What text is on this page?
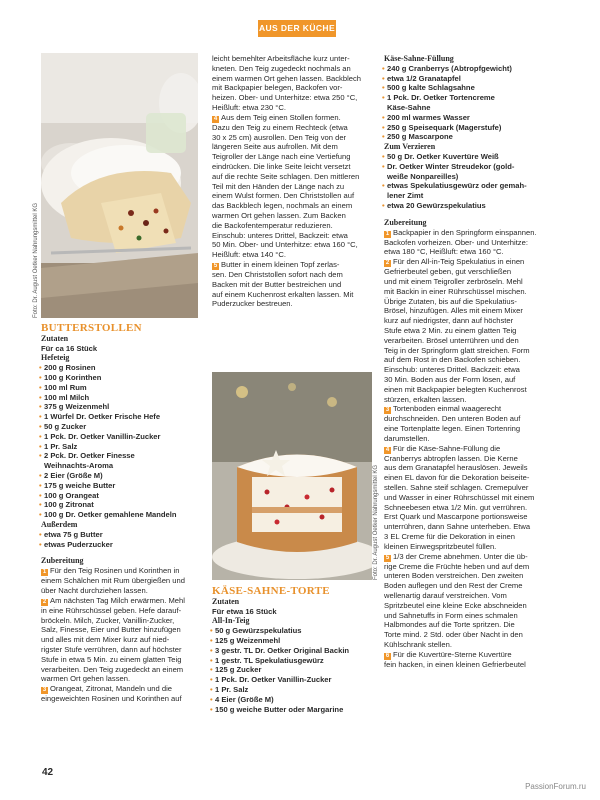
AUS DER KÜCHE
Foto: Dr. August Oetker Nahrungsmittel KG
Foto: Dr. August Oetker Nahrungsmittel KG

BUTTERSTOLLEN

Zutaten

Für ca 16 Stück

Hefeteig

• 200 g Rosinen

• 100 g Korinthen

• 100 ml Rum

• 100 ml Milch

• 375 g Weizenmehl

• 1 Würfel Dr. Oetker Frische Hefe

• 50 g Zucker

• 1 Pck. Dr. Oetker Vanillin-Zucker

• 1 Pr. Salz

• 2 Pck. Dr. Oetker Finesse

Weihnachts-Aroma

• 2 Eier (Größe M)

• 175 g weiche Butter

• 100 g Orangeat

• 100 g Zitronat

• 100 g Dr. Oetker gemahlene Mandeln

Außerdem

• etwa 75 g Butter

• etwas Puderzucker

Zubereitung

1 Für den Teig Rosinen und Korinthen in

einem Schälchen mit Rum übergießen und

über Nacht durchziehen lassen.

2 Am nächsten Tag Milch erwärmen. Mehl

in eine Rührschüssel geben. Hefe darauf-

bröckeln. Milch, Zucker, Vanillin-Zucker,

Salz, Finesse, Eier und Butter hinzufügen

und alles mit dem Mixer kurz auf nied-

rigster Stufe verrühren, dann auf höchster

Stufe in etwa 5 Min. zu einem glatten Teig

verarbeiten. Den Teig zugedeckt an einem

warmen Ort gehen lassen.

3 Orangeat, Zitronat, Mandeln und die

eingeweichten Rosinen und Korinthen auf

leicht bemehlter Arbeitsfläche kurz unter-

kneten. Den Teig zugedeckt nochmals an

einem warmen Ort gehen lassen. Backblech

mit Backpapier belegen, Backofen vor-

heizen. Ober- und Unterhitze: etwa 250 °C,

Heißluft: etwa 230 °C.

4 Aus dem Teig einen Stollen formen.

Dazu den Teig zu einem Rechteck (etwa

30 x 25 cm) ausrollen. Den Teig von der

längeren Seite aus aufrollen. Mit dem

Teigroller der Länge nach eine Vertiefung

eindrücken. Die linke Seite leicht versetzt

auf die rechte Seite schlagen. Den mittleren

Teil mit den Händen der Länge nach zu

einem Wulst formen. Den Christstollen auf

das Backblech legen, nochmals an einem

warmen Ort gehen lassen. Zum Backen

die Backofentemperatur reduzieren.

Einschub: unteres Drittel, Backzeit: etwa

50 Min. Ober- und Unterhitze: etwa 160 °C,

Heißluft: etwa 140 °C.

5 Butter in einem kleinen Topf zerlas-

sen. Den Christstollen sofort nach dem

Backen mit der Butter bestreichen und

auf einem Kuchenrost erkalten lassen. Mit

Puderzucker bestreuen.

KÄSE-SAHNE-TORTE

Zutaten

Für etwa 16 Stück

All-In-Teig

• 50 g Gewürzspekulatius

• 125 g Weizenmehl

• 3 gestr. TL Dr. Oetker Original Backin

• 1 gestr. TL Spekulatiusgewürz

• 125 g Zucker

• 1 Pck. Dr. Oetker Vanillin-Zucker

• 1 Pr. Salz

• 4 Eier (Größe M)

• 150 g weiche Butter oder Margarine

Käse-Sahne-Füllung

• 240 g Cranberrys (Abtropfgewicht)

• etwa 1/2 Granatapfel

• 500 g kalte Schlagsahne

• 1 Pck. Dr. Oetker Tortencreme

Käse-Sahne

• 200 ml warmes Wasser

• 250 g Speisequark (Magerstufe)

• 250 g Mascarpone

Zum Verzieren

• 50 g Dr. Oetker Kuvertüre Weiß

• Dr. Oetker Winter Streudekor (gold-

weiße Nonpareilles)

• etwas Spekulatiusgewürz oder gemah-

lener Zimt

• etwa 20 Gewürzspekulatius

Zubereitung

1 Backpapier in den Springform einspannen.

Backofen vorheizen. Ober- und Unterhitze:

etwa 180 °C, Heißluft: etwa 160 °C.

2 Für den All-in-Teig Spekulatius in einen

Gefrierbeutel geben, gut verschließen

und mit einem Teigroller zerbröseln. Mehl

mit Backin in einer Rührschüssel mischen.

Übrige Zutaten, bis auf die Spekulatius-

Brösel, hinzufügen. Alles mit einem Mixer

kurz auf niedrigster, dann auf höchster

Stufe etwa 2 Min. zu einem glatten Teig

verarbeiten. Brösel unterrühren und den

Teig in der Springform glatt streichen. Form

auf dem Rost in den Backofen schieben.

Einschub: unteres Drittel. Backzeit: etwa

30 Min. Boden aus der Form lösen, auf

einen mit Backpapier belegten Kuchenrost

stürzen, erkalten lassen.

3 Tortenboden einmal waagerecht

durchschneiden. Den unteren Boden auf

eine Tortenplatte legen. Einen Tortenring

darumstellen.

4 Für die Käse-Sahne-Füllung die

Cranberrys abtropfen lassen. Die Kerne

aus dem Granatapfel herauslösen. Jeweils

einen EL davon für die Dekoration beiseite-

stellen. Sahne steif schlagen. Cremepulver

und Wasser in einer Rührschüssel mit einem

Schneebesen etwa 1/2 Min. gut verrühren.

Erst Quark und Mascarpone portionsweise

unterrühren, dann Sahne unterheben. Etwa

3 EL Creme für die Dekoration in einen

kleinen Einwegspritzbeutel füllen.

5 1/3 der Creme abnehmen. Unter die üb-

rige Creme die Früchte heben und auf dem

unteren Boden verstreichen. Den zweiten

Boden auflegen und den Rest der Creme

wellenartig darauf verstreichen. Vom

Spritzbeutel eine kleine Ecke abschneiden

und Sahnetuffs in Form eines schmalen

Halbmondes auf die Torte spritzen. Die

Torte mind. 2 Std. oder über Nacht in den

Kühlschrank stellen.

6 Für die Kuvertüre-Sterne Kuvertüre

fein hacken, in einen kleinen Gefrierbeutel

42
PassionForum.ru
